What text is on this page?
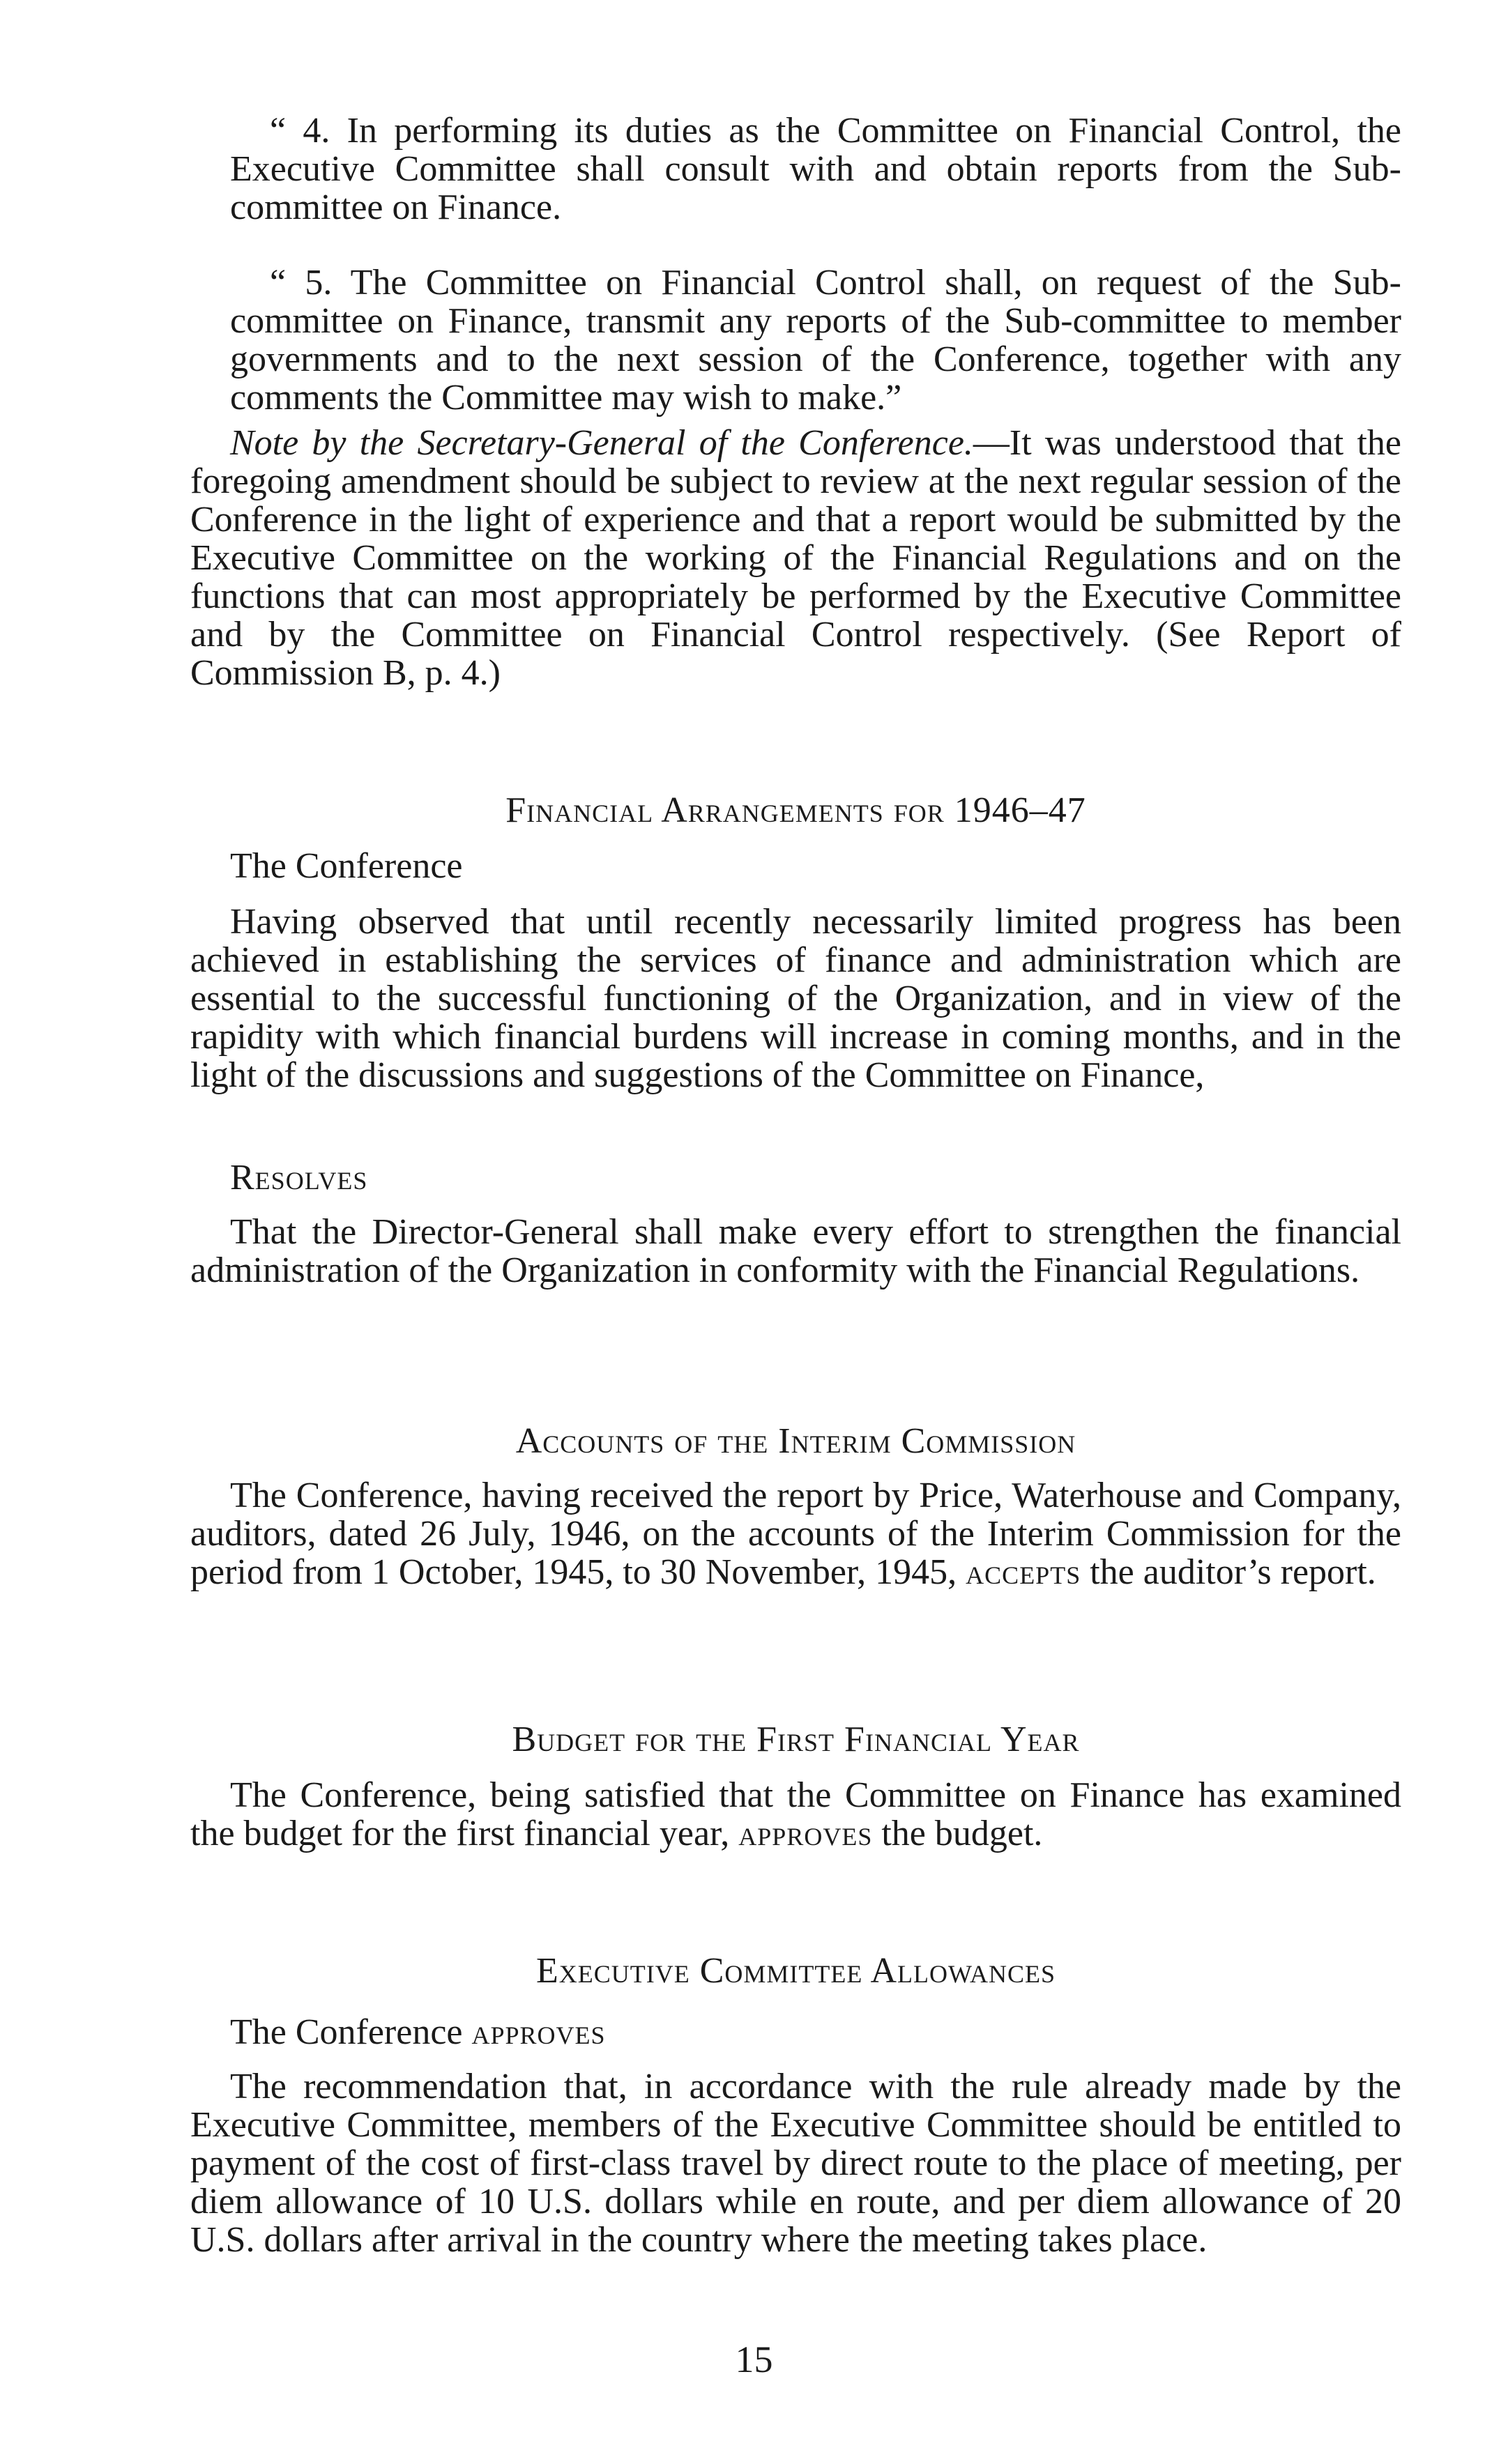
“ 4. In performing its duties as the Committee on Financial Control, the Executive Committee shall consult with and obtain reports from the Sub-committee on Finance.

“ 5. The Committee on Financial Control shall, on request of the Sub-committee on Finance, transmit any reports of the Sub-committee to member governments and to the next session of the Conference, together with any comments the Committee may wish to make.”

Note by the Secretary-General of the Conference.—It was understood that the foregoing amendment should be subject to review at the next regular session of the Conference in the light of experience and that a report would be submitted by the Executive Committee on the working of the Financial Regulations and on the functions that can most appropriately be performed by the Executive Committee and by the Committee on Financial Control respectively. (See Report of Commission B, p. 4.)

Financial Arrangements for 1946–47

The Conference

Having observed that until recently necessarily limited progress has been achieved in establishing the services of finance and administration which are essential to the successful functioning of the Organization, and in view of the rapidity with which financial burdens will increase in coming months, and in the light of the discussions and suggestions of the Committee on Finance,

Resolves

That the Director-General shall make every effort to strengthen the financial administration of the Organization in conformity with the Financial Regulations.

Accounts of the Interim Commission

The Conference, having received the report by Price, Waterhouse and Company, auditors, dated 26 July, 1946, on the accounts of the Interim Commission for the period from 1 October, 1945, to 30 November, 1945, accepts the auditor’s report.

Budget for the First Financial Year

The Conference, being satisfied that the Committee on Finance has examined the budget for the first financial year, approves the budget.

Executive Committee Allowances

The Conference approves

The recommendation that, in accordance with the rule already made by the Executive Committee, members of the Executive Committee should be entitled to payment of the cost of first-class travel by direct route to the place of meeting, per diem allowance of 10 U.S. dollars while en route, and per diem allowance of 20 U.S. dollars after arrival in the country where the meeting takes place.

15
